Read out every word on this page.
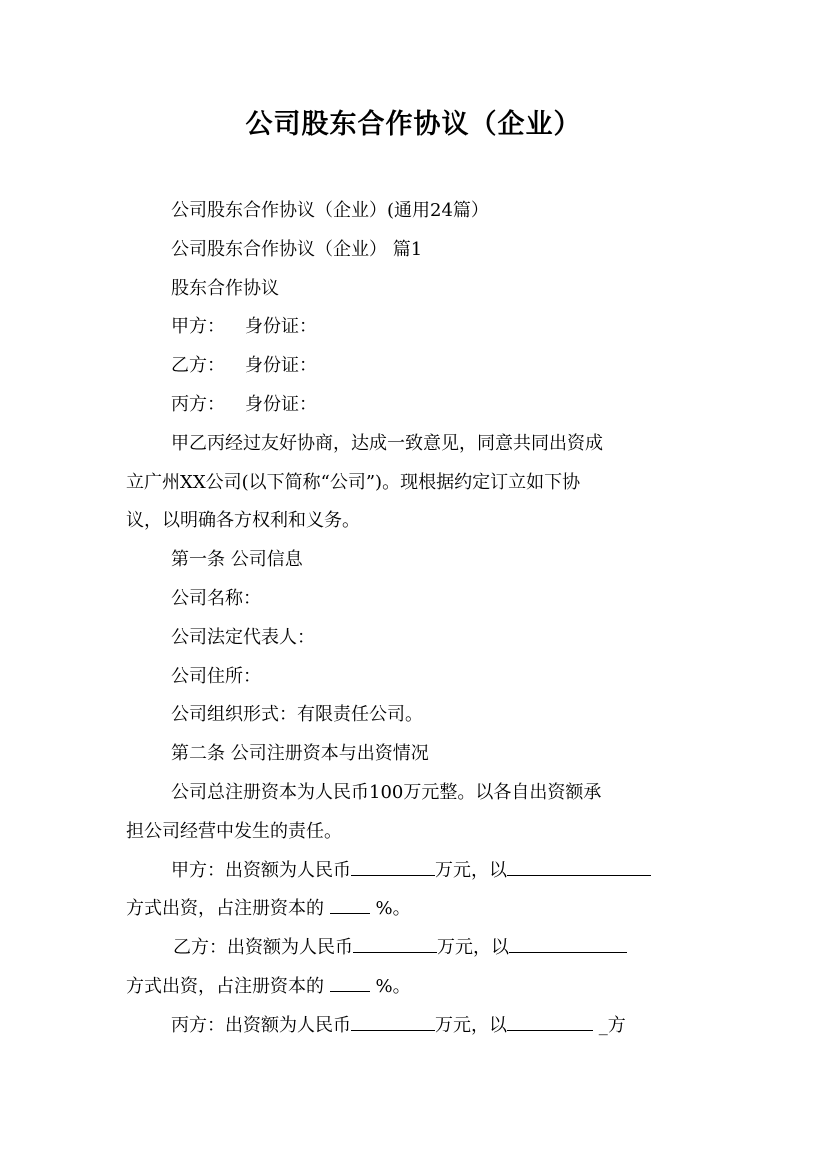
公司股东合作协议（企业）
公司股东合作协议（企业）(通用24篇）
公司股东合作协议（企业） 篇1
股东合作协议
甲方： 身份证：
乙方： 身份证：
丙方： 身份证：
甲乙丙经过友好协商，达成一致意见，同意共同出资成
立广州XX公司(以下简称“公司”)。现根据约定订立如下协
议，以明确各方权利和义务。
第一条 公司信息
公司名称：
公司法定代表人：
公司住所：
公司组织形式：有限责任公司。
第二条 公司注册资本与出资情况
公司总注册资本为人民币100万元整。以各自出资额承
担公司经营中发生的责任。
甲方：出资额为人民币	万元，以
方式出资，占注册资本的	%。
乙方：出资额为人民币	万元，以
方式出资，占注册资本的	%。
丙方：出资额为人民币	万元，以	_方
